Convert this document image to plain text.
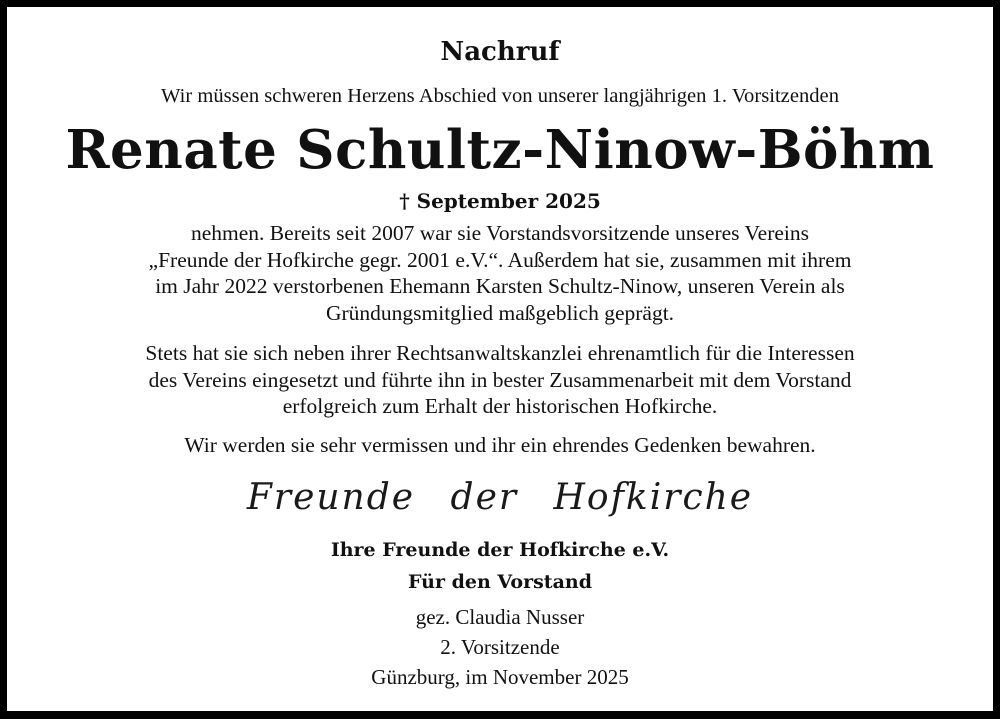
Nachruf
Wir müssen schweren Herzens Abschied von unserer langjährigen 1. Vorsitzenden
Renate Schultz-Ninow-Böhm
† September 2025
nehmen. Bereits seit 2007 war sie Vorstandsvorsitzende unseres Vereins
„Freunde der Hofkirche gegr. 2001 e.V.“. Außerdem hat sie, zusammen mit ihrem
im Jahr 2022 verstorbenen Ehemann Karsten Schultz-Ninow, unseren Verein als
Gründungsmitglied maßgeblich geprägt.
Stets hat sie sich neben ihrer Rechtsanwaltskanzlei ehrenamtlich für die Interessen
des Vereins eingesetzt und führte ihn in bester Zusammenarbeit mit dem Vorstand
erfolgreich zum Erhalt der historischen Hofkirche.
Wir werden sie sehr vermissen und ihr ein ehrendes Gedenken bewahren.
Freunde der Hofkirche
Ihre Freunde der Hofkirche e.V.
Für den Vorstand
gez. Claudia Nusser
2. Vorsitzende
Günzburg, im November 2025
